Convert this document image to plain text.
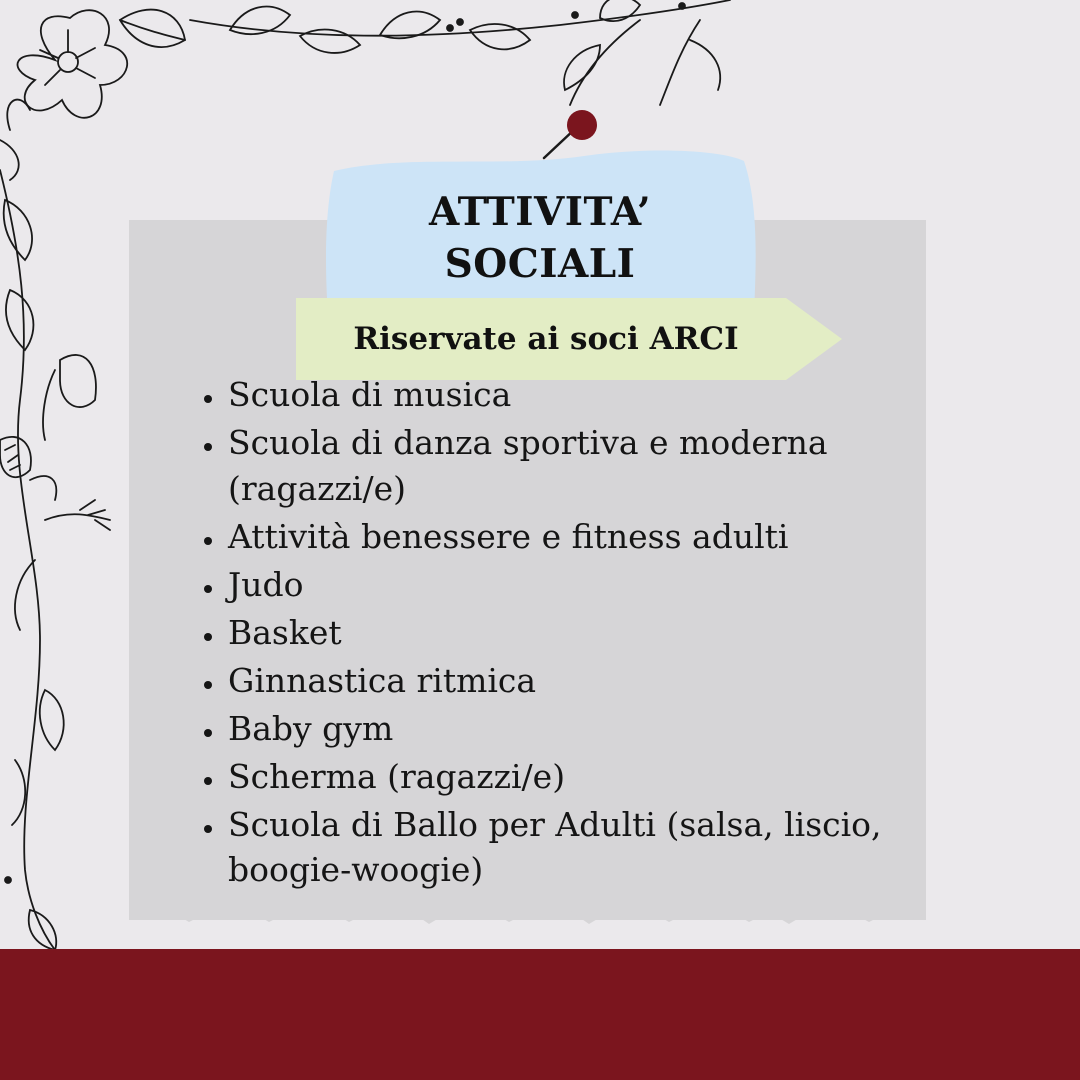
ATTIVITA’
SOCIALI
Riservate ai soci ARCI
• Scuola di musica
• Scuola di danza sportiva e moderna (ragazzi/e)
• Attività benessere e fitness adulti
• Judo
• Basket
• Ginnastica ritmica
• Baby gym
• Scherma (ragazzi/e)
• Scuola di Ballo per Adulti (salsa, liscio, boogie-woogie)
